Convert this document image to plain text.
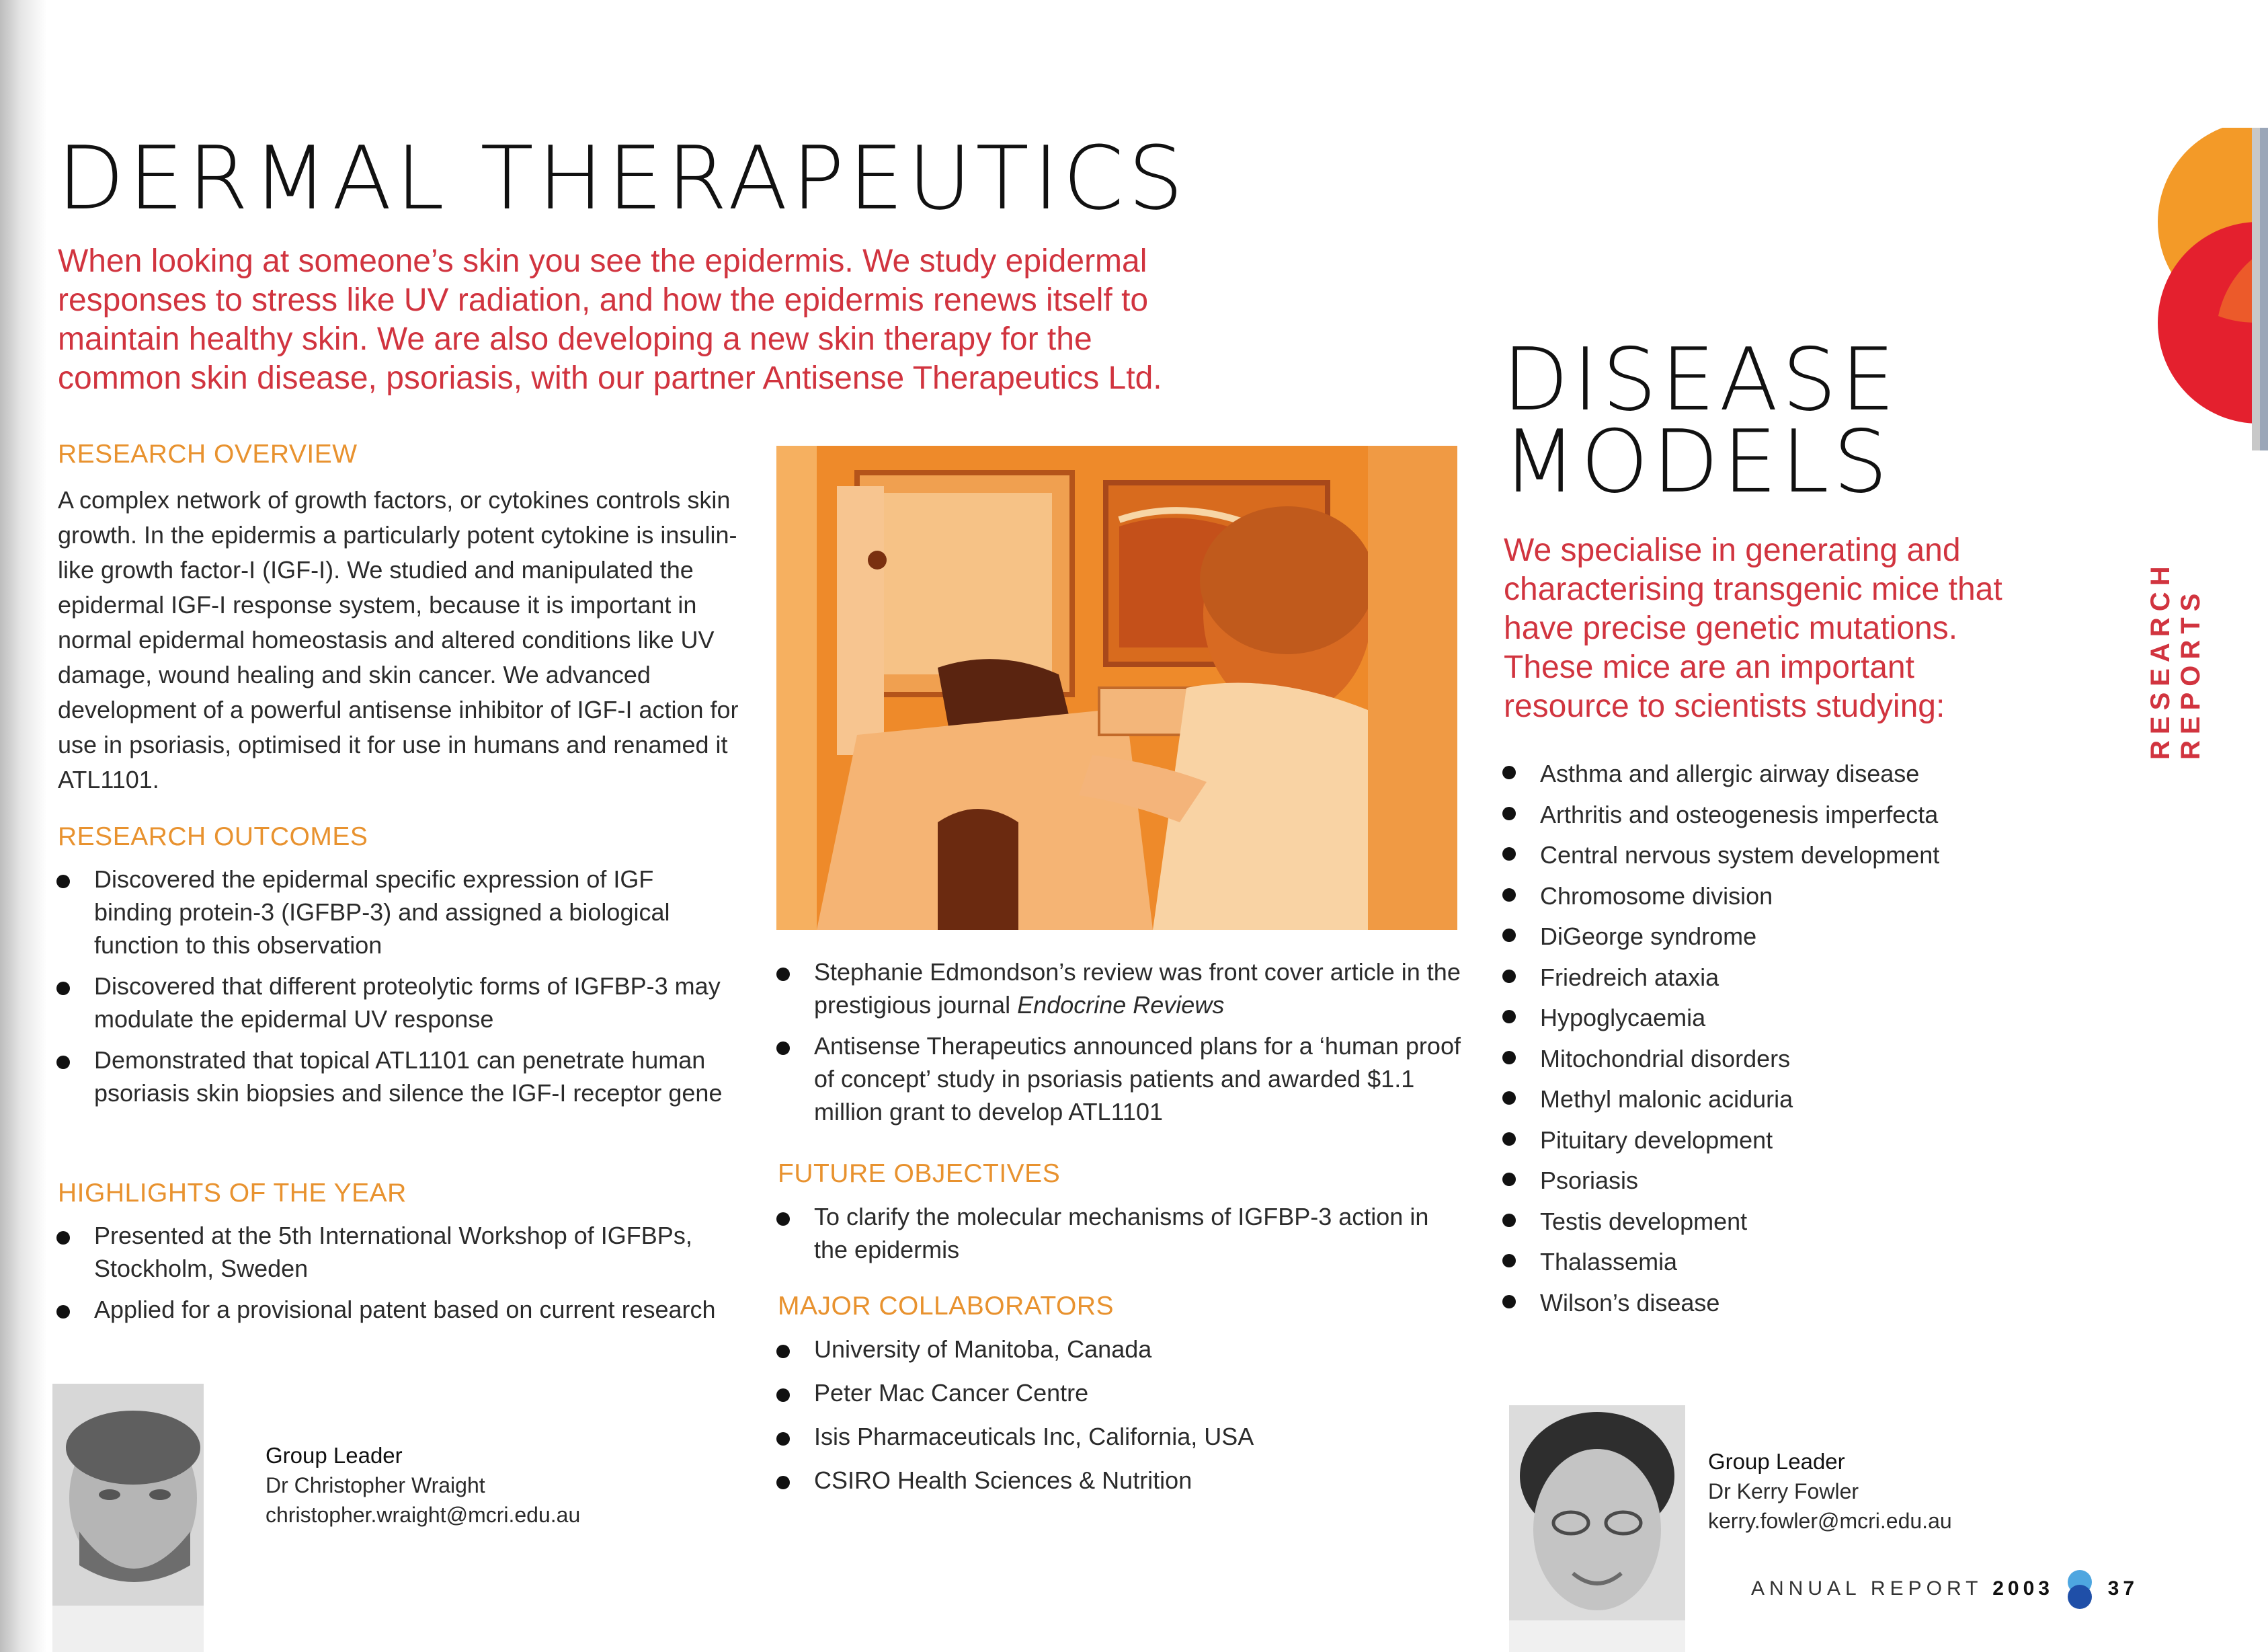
DERMAL THERAPEUTICS
When looking at someone’s skin you see the epidermis. We study epidermal responses to stress like UV radiation, and how the epidermis renews itself to maintain healthy skin. We are also developing a new skin therapy for the common skin disease, psoriasis, with our partner Antisense Therapeutics Ltd.
RESEARCH OVERVIEW
A complex network of growth factors, or cytokines controls skin growth. In the epidermis a particularly potent cytokine is insulin-like growth factor-I (IGF-I). We studied and manipulated the epidermal IGF-I response system, because it is important in normal epidermal homeostasis and altered conditions like UV damage, wound healing and skin cancer. We advanced development of a powerful antisense inhibitor of IGF-I action for use in psoriasis, optimised it for use in humans and renamed it ATL1101.
RESEARCH OUTCOMES
Discovered the epidermal specific expression of IGF binding protein-3 (IGFBP-3) and assigned a biological function to this observation
Discovered that different proteolytic forms of IGFBP-3 may modulate the epidermal UV response
Demonstrated that topical ATL1101 can penetrate human psoriasis skin biopsies and silence the IGF-I receptor gene
HIGHLIGHTS OF THE YEAR
Presented at the 5th International Workshop of IGFBPs, Stockholm, Sweden
Applied for a provisional patent based on current research
Group Leader
Dr Christopher Wraight
christopher.wraight@mcri.edu.au
Stephanie Edmondson’s review was front cover article in the prestigious journal Endocrine Reviews
Antisense Therapeutics announced plans for a ‘human proof of concept’ study in psoriasis patients and awarded $1.1 million grant to develop ATL1101
FUTURE OBJECTIVES
To clarify the molecular mechanisms of IGFBP-3 action in the epidermis
MAJOR COLLABORATORS
University of Manitoba, Canada
Peter Mac Cancer Centre
Isis Pharmaceuticals Inc, California, USA
CSIRO Health Sciences & Nutrition
DISEASE
MODELS
We specialise in generating and characterising transgenic mice that have precise genetic mutations. These mice are an important resource to scientists studying:
Asthma and allergic airway disease
Arthritis and osteogenesis imperfecta
Central nervous system development
Chromosome division
DiGeorge syndrome
Friedreich ataxia
Hypoglycaemia
Mitochondrial disorders
Methyl malonic aciduria
Pituitary development
Psoriasis
Testis development
Thalassemia
Wilson’s disease
Group Leader
Dr Kerry Fowler
kerry.fowler@mcri.edu.au
RESEARCH REPORTS
ANNUAL REPORT 2003	37
